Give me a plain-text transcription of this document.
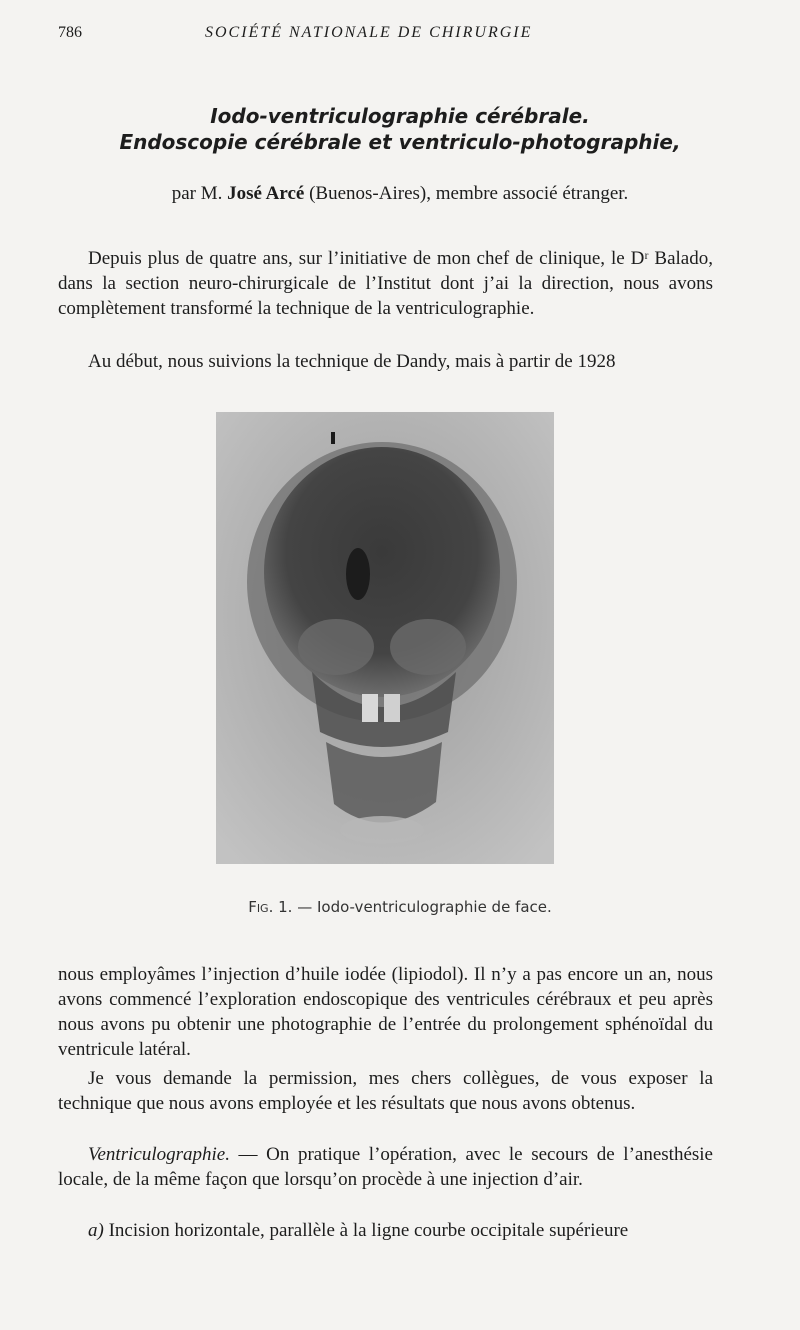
786	SOCIÉTÉ NATIONALE DE CHIRURGIE
Iodo-ventriculographie cérébrale.
Endoscopie cérébrale et ventriculo-photographie,
par M. José Arcé (Buenos-Aires), membre associé étranger.

Depuis plus de quatre ans, sur l’initiative de mon chef de clinique, le Dʳ Balado, dans la section neuro-chirurgicale de l’Institut dont j’ai la direction, nous avons complètement transformé la technique de la ventriculographie.

Au début, nous suivions la technique de Dandy, mais à partir de 1928

Fig. 1. — Iodo-ventriculographie de face.

nous employâmes l’injection d’huile iodée (lipiodol). Il n’y a pas encore un an, nous avons commencé l’exploration endoscopique des ventricules cérébraux et peu après nous avons pu obtenir une photographie de l’entrée du prolongement sphénoïdal du ventricule latéral.

Je vous demande la permission, mes chers collègues, de vous exposer la technique que nous avons employée et les résultats que nous avons obtenus.

Ventriculographie. — On pratique l’opération, avec le secours de l’anesthésie locale, de la même façon que lorsqu’on procède à une injection d’air.

a) Incision horizontale, parallèle à la ligne courbe occipitale supérieure
